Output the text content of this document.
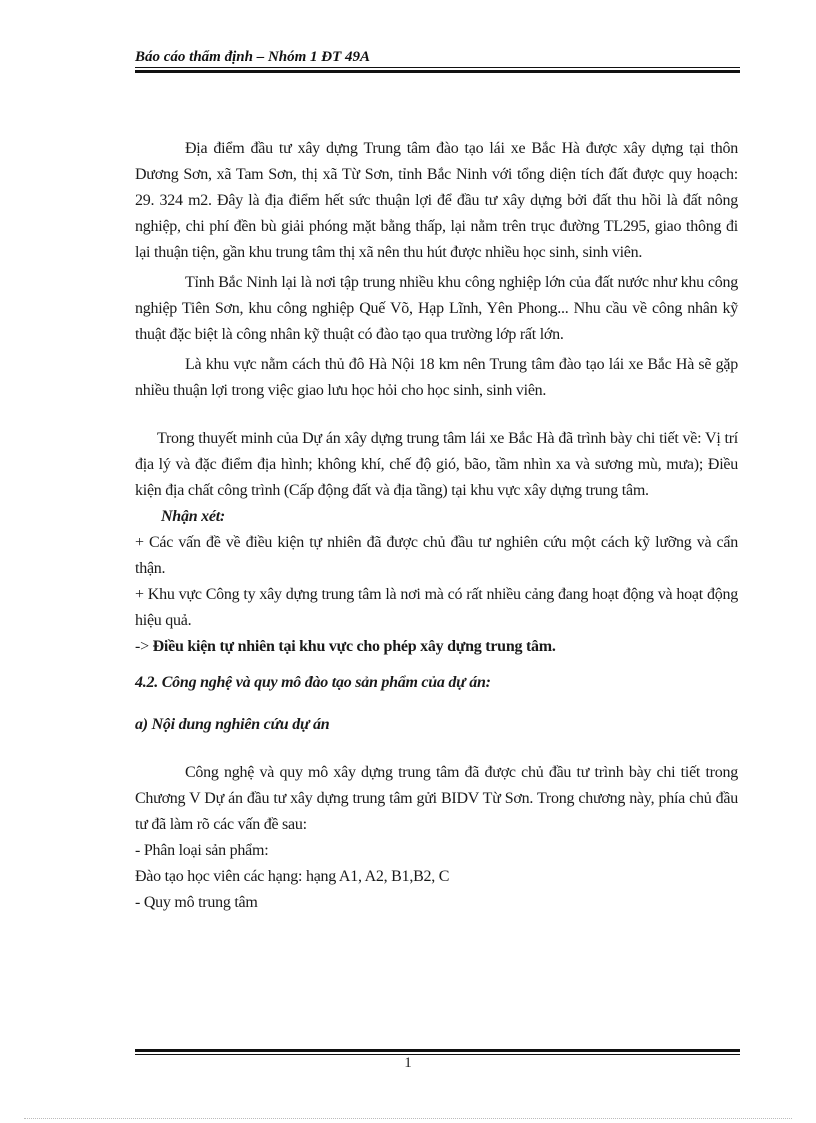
Báo cáo thẩm định – Nhóm 1 ĐT 49A

Địa điểm đầu tư xây dựng Trung tâm đào tạo lái xe Bắc Hà được xây dựng tại thôn Dương Sơn, xã Tam Sơn, thị xã Từ Sơn, tỉnh Bắc Ninh với tổng diện tích đất được quy hoạch: 29. 324 m2. Đây là địa điểm hết sức thuận lợi để đầu tư xây dựng bởi đất thu hồi là đất nông nghiệp, chi phí đền bù giải phóng mặt bằng thấp, lại nằm trên trục đường TL295, giao thông đi lại thuận tiện, gần khu trung tâm thị xã nên thu hút được nhiều học sinh, sinh viên.

Tỉnh Bắc Ninh lại là nơi tập trung nhiều khu công nghiệp lớn của đất nước như khu công nghiệp Tiên Sơn, khu công nghiệp Quế Võ, Hạp Lĩnh, Yên Phong... Nhu cầu về công nhân kỹ thuật đặc biệt là công nhân kỹ thuật có đào tạo qua trường lớp rất lớn.

Là khu vực nằm cách thủ đô Hà Nội 18 km nên Trung tâm đào tạo lái xe Bắc Hà sẽ gặp nhiều thuận lợi trong việc giao lưu học hỏi cho học sinh, sinh viên.

Trong thuyết minh của Dự án xây dựng trung tâm lái xe Bắc Hà đã trình bày chi tiết về: Vị trí địa lý và đặc điểm địa hình; không khí, chế độ gió, bão, tầm nhìn xa và sương mù, mưa); Điều kiện địa chất công trình (Cấp động đất và địa tầng) tại khu vực xây dựng trung tâm.

Nhận xét:

+ Các vấn đề về điều kiện tự nhiên đã được chủ đầu tư nghiên cứu một cách kỹ lưỡng và cẩn thận.

+ Khu vực Công ty xây dựng trung tâm là nơi mà có rất nhiều cảng đang hoạt động và hoạt động hiệu quả.

-> Điều kiện tự nhiên tại khu vực cho phép xây dựng trung tâm.

4.2. Công nghệ và quy mô đào tạo sản phẩm của dự án:

a) Nội dung nghiên cứu dự án

Công nghệ và quy mô xây dựng trung tâm đã được chủ đầu tư trình bày chi tiết trong Chương V Dự án đầu tư xây dựng trung tâm gửi BIDV Từ Sơn. Trong chương này, phía chủ đầu tư đã làm rõ các vấn đề sau:

- Phân loại sản phẩm:

Đào tạo học viên các hạng: hạng A1, A2, B1,B2, C

- Quy mô trung tâm

1
